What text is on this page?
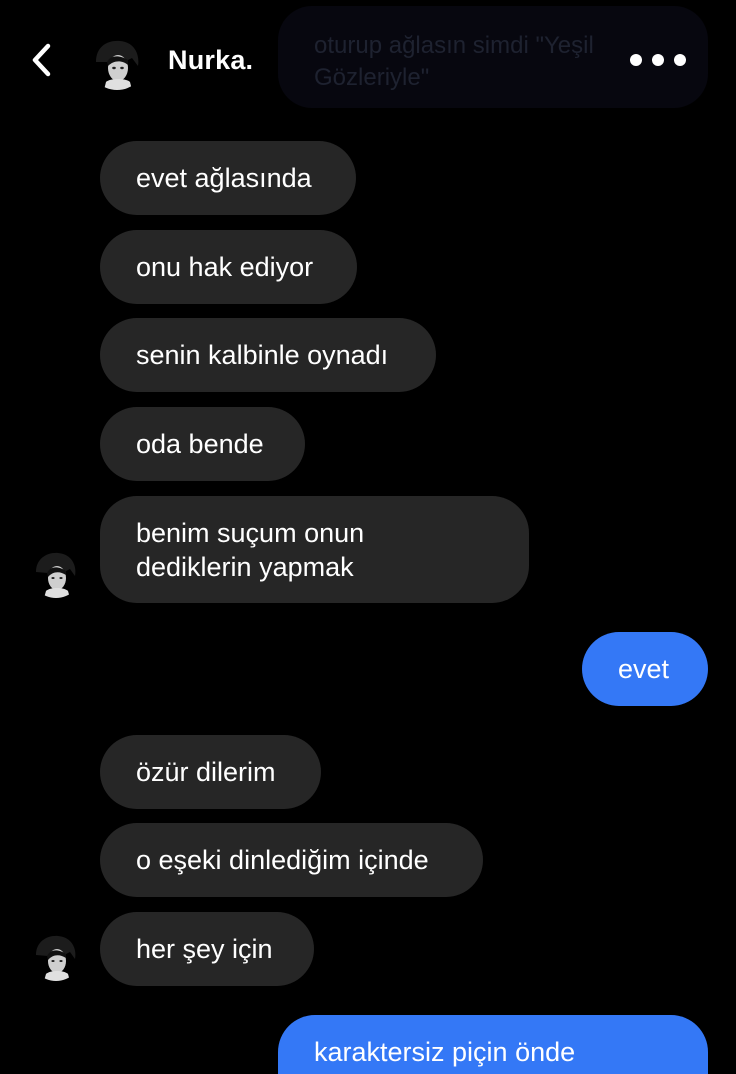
Nurka.	oturup ağlasın simdi "Yeşil Gözleriyle"
evet ağlasında
onu hak ediyor
senin kalbinle oynadı
oda bende
benim suçum onun
dediklerin yapmak
evet
özür dilerim
o eşeki dinlediğim içinde
her şey için
karaktersiz piçin önde
